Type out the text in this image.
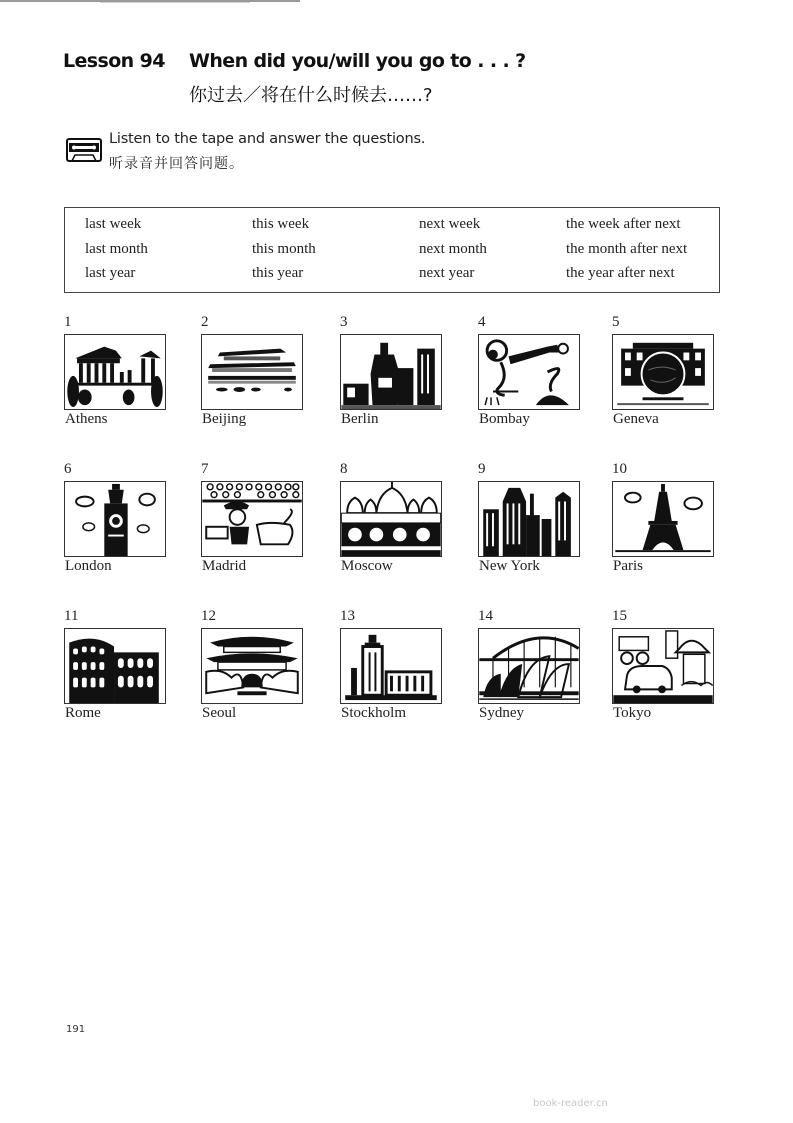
Lesson 94 When did you/will you go to . . . ?
你过去／将在什么时候去……?
Listen to the tape and answer the questions.
听录音并回答问题。
last week	this week	next week	the week after next
last month	this month	next month	the month after next
last year	this year	next year	the year after next
1
Athens
2
Beijing
3
Berlin
4
Bombay
5
Geneva
6
London
7
Madrid
8
Moscow
9
New York
10
Paris
11
Rome
12
Seoul
13
Stockholm
14
Sydney
15
Tokyo
191
book-reader.cn
